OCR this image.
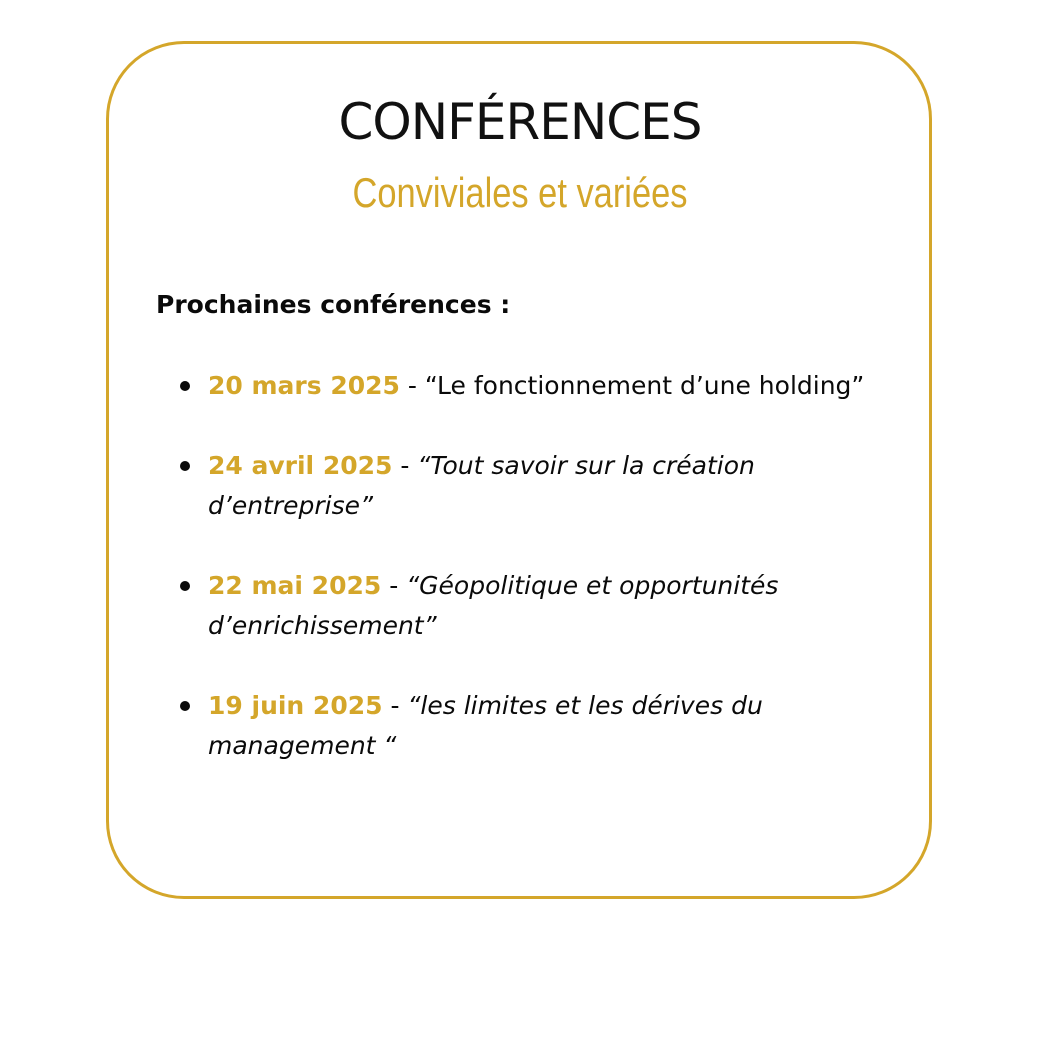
CONFÉRENCES
Conviviales et variées
Prochaines conférences :
20 mars 2025 - “Le fonctionnement d’une holding”
24 avril 2025 - “Tout savoir sur la création d’entreprise”
22 mai 2025 - “Géopolitique et opportunités d’enrichissement”
19 juin 2025 - “les limites et les dérives du management “
